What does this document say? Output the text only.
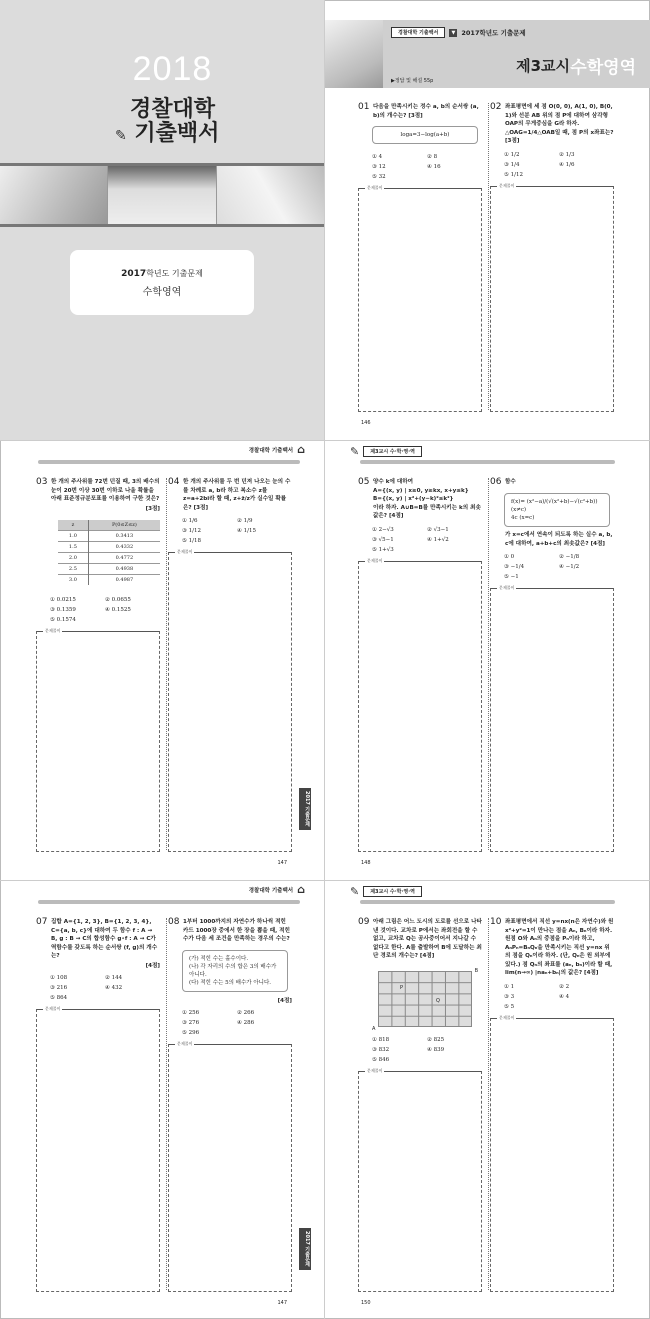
2018
경찰대학
✎ 기출백서
2017학년도 기출문제
수학영역
경찰대학 기출백서	▼ 2017학년도 기출문제
제3교시 수학영역
▶정답 및 해설 55p
146
01 다음을 만족시키는 정수 a, b의 순서쌍 (a, b)의 개수는? [3점]
loga=3−log(a+b)
① 4	② 8
③ 12	④ 16
⑤ 32
문제풀이
02 좌표평면에 세 점 O(0, 0), A(1, 0), B(0, 1)와 선분 AB 위의 점 P에 대하여 삼각형 OAP의 무게중심을 G라 하자.
△OAG=1/4△OAB일 때, 점 P의 x좌표는? [3점]
① 1/2	② 1/3
③ 1/4	④ 1/6
⑤ 1/12
문제풀이
경찰대학 기출백서 ⌂
2017 기출문제
147
03 한 개의 주사위를 72번 던질 때, 3의 배수의 눈이 20번 이상 30번 이하로 나올 확률을 아래 표준정규분포표를 이용하여 구한 것은?
[3점]
z	P(0≤Z≤z)
1.0	0.3413
1.5	0.4332
2.0	0.4772
2.5	0.4938
3.0	0.4987
① 0.0215	② 0.0655
③ 0.1359	④ 0.1525
⑤ 0.1574
문제풀이
04 한 개의 주사위를 두 번 던져 나오는 눈의 수를 차례로 a, b라 하고 복소수 z를 z=a+2bi라 할 때, z+z̄/z가 실수일 확률은? [3점]
① 1/6	② 1/9
③ 1/12	④ 1/15
⑤ 1/18
문제풀이
✎	제3교시 수·학·영·역
148
05 양수 k에 대하여
A={(x, y) | x≥0, y≥kx, x+y≤k}
B={(x, y) | x²+(y−k)²≤k²}
이라 하자. A∪B=B를 만족시키는 k의 최솟값은? [4점]
① 2−√3	② √3−1
③ √5−1	④ 1+√2
⑤ 1+√3
문제풀이
06 함수
f(x)= (x²−a)/(√(x²+b)−√(c²+b)) (x≠c)
4c (x=c)
가 x=c에서 연속이 되도록 하는 실수 a, b, c에 대하여, a+b+c의 최솟값은? [4점]
① 0	② −1/8
③ −1/4	④ −1/2
⑤ −1
문제풀이
경찰대학 기출백서 ⌂
2017 기출문제
147
07 집합 A={1, 2, 3}, B={1, 2, 3, 4}, C={a, b, c}에 대하여 두 함수 f : A → B, g : B → C의 합성함수 g∘f : A → C가 역함수를 갖도록 하는 순서쌍 (f, g)의 개수는?
[4점]
① 108	② 144
③ 216	④ 432
⑤ 864
문제풀이
08 1부터 1000까지의 자연수가 하나씩 적힌 카드 1000장 중에서 한 장을 뽑을 때, 적힌 수가 다음 세 조건을 만족하는 경우의 수는?
(가) 적힌 수는 홀수이다.
(나) 각 자리의 수의 합은 3의 배수가 아니다.
(다) 적힌 수는 5의 배수가 아니다.
[4점]
① 256	② 266
③ 276	④ 286
⑤ 296
문제풀이
✎	제3교시 수·학·영·역
150
09 아래 그림은 어느 도시의 도로를 선으로 나타낸 것이다. 교차로 P에서는 좌회전을 할 수 없고, 교차로 Q는 공사중이어서 지나갈 수 없다고 한다. A를 출발하여 B에 도달하는 최단 경로의 개수는? [4점]
A
B
P
Q
① 818	② 825
③ 832	④ 839
⑤ 846
문제풀이
10 좌표평면에서 직선 y=nx(n은 자연수)와 원 x²+y²=1이 만나는 점을 Aₙ, Bₙ이라 하자. 원점 O와 Aₙ의 중점을 Pₙ이라 하고, AₙPₙ=BₙQₙ을 만족시키는 직선 y=nx 위의 점을 Qₙ이라 하자. (단, Qₙ은 원 외부에 있다.) 점 Qₙ의 좌표를 (aₙ, bₙ)이라 할 때, lim(n→∞) |naₙ+bₙ|의 값은? [4점]
① 1	② 2
③ 3	④ 4
⑤ 5
문제풀이
